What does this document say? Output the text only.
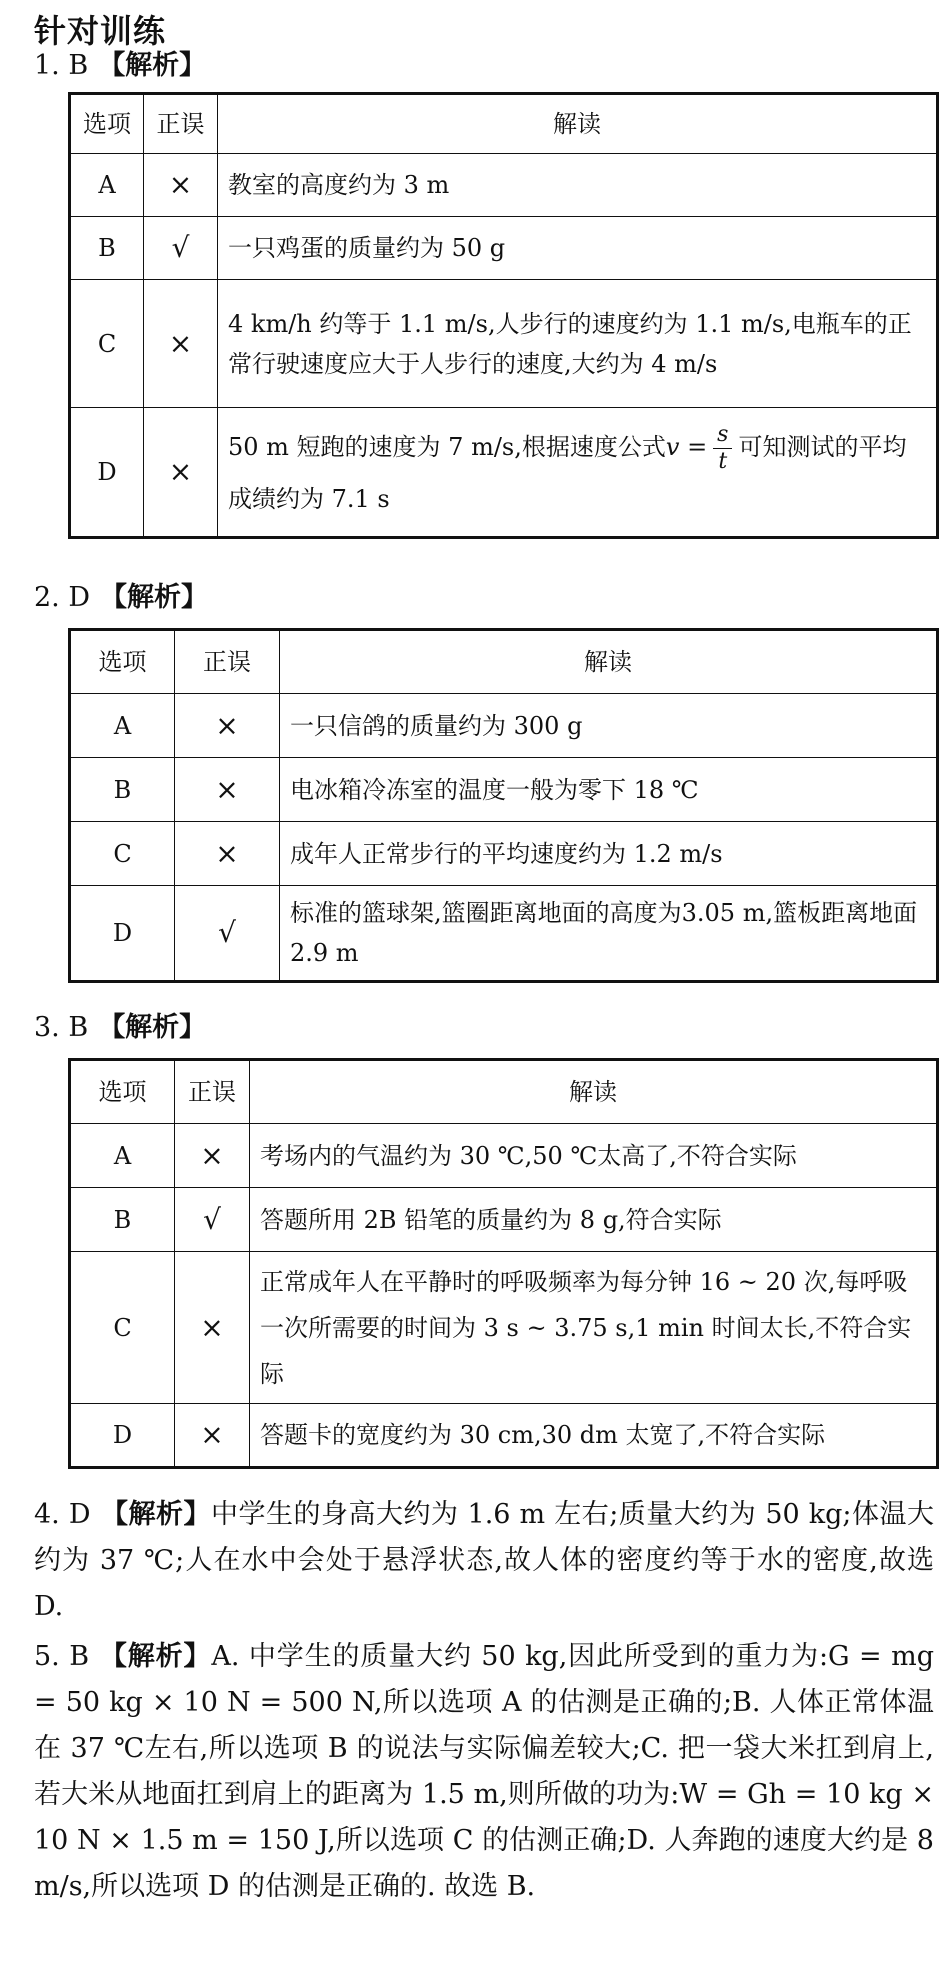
针对训练
1. B 【解析】
选项	正误	解读
A	×	教室的高度约为 3 m
B	√	一只鸡蛋的质量约为 50 g
C	×	4 km/h 约等于 1.1 m/s,人步行的速度约为 1.1 m/s,电瓶车的正常行驶速度应大于人步行的速度,大约为 4 m/s
D	×	50 m 短跑的速度为 7 m/s,根据速度公式$v = \frac{s}{t}$ 可知测试的平均成绩约为 7.1 s
2. D 【解析】
选项	正误	解读
A	×	一只信鸽的质量约为 300 g
B	×	电冰箱冷冻室的温度一般为零下 18 ℃
C	×	成年人正常步行的平均速度约为 1.2 m/s
D	√	标准的篮球架,篮圈距离地面的高度为3.05 m,篮板距离地面 2.9 m
3. B 【解析】
选项	正误	解读
A	×	考场内的气温约为 30 ℃,50 ℃太高了,不符合实际
B	√	答题所用 2B 铅笔的质量约为 8 g,符合实际
C	×	正常成年人在平静时的呼吸频率为每分钟 16 ~ 20 次,每呼吸一次所需要的时间为 3 s ~ 3.75 s,1 min 时间太长,不符合实际
D	×	答题卡的宽度约为 30 cm,30 dm 太宽了,不符合实际
4. D 【解析】中学生的身高大约为 1.6 m 左右;质量大约为 50 kg;体温大约为 37 ℃;人在水中会处于悬浮状态,故人体的密度约等于水的密度,故选 D.
5. B 【解析】A. 中学生的质量大约 50 kg,因此所受到的重力为:G = mg = 50 kg × 10 N = 500 N,所以选项 A 的估测是正确的;B. 人体正常体温在 37 ℃左右,所以选项 B 的说法与实际偏差较大;C. 把一袋大米扛到肩上,若大米从地面扛到肩上的距离为 1.5 m,则所做的功为:W = Gh = 10 kg × 10 N × 1.5 m = 150 J,所以选项 C 的估测正确;D. 人奔跑的速度大约是 8 m/s,所以选项 D 的估测是正确的. 故选 B.
